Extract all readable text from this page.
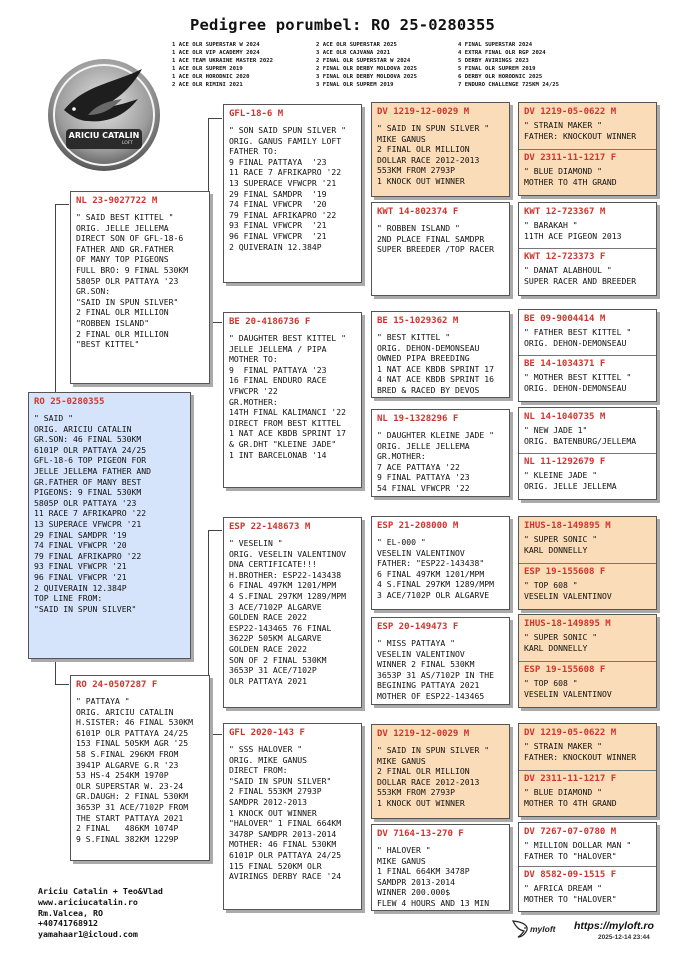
Pedigree porumbel: RO 25-0280355
1 ACE OLR SUPERSTAR W 2024
1 ACE OLR VIP ACADEMY 2024
1 ACE TEAM UKRAINE MASTER 2022
1 ACE OLR SUPREM 2019
1 ACE OLR HORODNIC 2020
2 ACE OLR RIMINI 2021
2 ACE OLR SUPERSTAR 2025
3 ACE OLR CAJVANA 2021
2 FINAL OLR SUPERSTAR W 2024
2 FINAL OLR DERBY MOLDOVA 2025
3 FINAL OLR DERBY MOLDOVA 2025
3 FINAL OLR SUPREM 2019
4 FINAL SUPERSTAR 2024
4 EXTRA FINAL OLR RGP 2024
5 DERBY AVIRINGS 2023
5 FINAL OLR SUPREM 2019
6 DERBY OLR HORODNIC 2025
7 ENDURO CHALLENGE 725KM 24/25
ARICIU CATALIN
LOFT
RO 25-0280355
" SAID "
ORIG. ARICIU CATALIN
GR.SON: 46 FINAL 530KM
6101P OLR PATTAYA 24/25
GFL-18-6 TOP PIGEON FOR
JELLE JELLEMA FATHER AND
GR.FATHER OF MANY BEST
PIGEONS: 9 FINAL 530KM
5805P OLR PATTAYA '23
11 RACE 7 AFRIKAPRO '22
13 SUPERACE VFWCPR '21
29 FINAL SAMDPR '19
74 FINAL VFWCPR '20
79 FINAL AFRIKAPRO '22
93 FINAL VFWCPR '21
96 FINAL VFWCPR '21
2 QUIVERAIN 12.384P
TOP LINE FROM:
"SAID IN SPUN SILVER"
NL 23-9027722 M
" SAID BEST KITTEL "
ORIG. JELLE JELLEMA
DIRECT SON OF GFL-18-6
FATHER AND GR.FATHER
OF MANY TOP PIGEONS
FULL BRO: 9 FINAL 530KM
5805P OLR PATTAYA '23
GR.SON:
"SAID IN SPUN SILVER"
2 FINAL OLR MILLION
"ROBBEN ISLAND"
2 FINAL OLR MILLION
"BEST KITTEL"
RO 24-0507287 F
" PATTAYA "
ORIG. ARICIU CATALIN
H.SISTER: 46 FINAL 530KM
6101P OLR PATTAYA 24/25
153 FINAL 505KM AGR '25
58 S.FINAL 296KM FROM
3941P ALGARVE G.R '23
53 HS-4 254KM 1970P
OLR SUPERSTAR W. 23-24
GR.DAUGH: 2 FINAL 530KM
3653P 31 ACE/7102P FROM
THE START PATTAYA 2021
2 FINAL   486KM 1074P
9 S.FINAL 382KM 1229P
GFL-18-6 M
" SON SAID SPUN SILVER "
ORIG. GANUS FAMILY LOFT
FATHER TO:
9 FINAL PATTAYA  '23
11 RACE 7 AFRIKAPRO '22
13 SUPERACE VFWCPR '21
29 FINAL SAMDPR  '19
74 FINAL VFWCPR  '20
79 FINAL AFRIKAPRO '22
93 FINAL VFWCPR  '21
96 FINAL VFWCPR  '21
2 QUIVERAIN 12.384P
BE 20-4186736 F
" DAUGHTER BEST KITTEL "
JELLE JELLEMA / PIPA
MOTHER TO:
9  FINAL PATTAYA '23
16 FINAL ENDURO RACE
VFWCPR '22
GR.MOTHER:
14TH FINAL KALIMANCI '22
DIRECT FROM BEST KITTEL
1 NAT ACE KBDB SPRINT 17
& GR.DHT "KLEINE JADE"
1 INT BARCELONAB '14
ESP 22-148673 M
" VESELIN "
ORIG. VESELIN VALENTINOV
DNA CERTIFICATE!!!
H.BROTHER: ESP22-143438
6 FINAL 497KM 1201/MPM
4 S.FINAL 297KM 1289/MPM
3 ACE/7102P ALGARVE
GOLDEN RACE 2022
ESP22-143465 76 FINAL
3622P 505KM ALGARVE
GOLDEN RACE 2022
SON OF 2 FINAL 530KM
3653P 31 ACE/7102P
OLR PATTAYA 2021
GFL 2020-143 F
" SSS HALOVER "
ORIG. MIKE GANUS
DIRECT FROM:
"SAID IN SPUN SILVER"
2 FINAL 553KM 2793P
SAMDPR 2012-2013
1 KNOCK OUT WINNER
"HALOVER" 1 FINAL 664KM
3478P SAMDPR 2013-2014
MOTHER: 46 FINAL 530KM
6101P OLR PATTAYA 24/25
115 FINAL 520KM OLR
AVIRINGS DERBY RACE '24
DV 1219-12-0029 M
" SAID IN SPUN SILVER "
MIKE GANUS
2 FINAL OLR MILLION
DOLLAR RACE 2012-2013
553KM FROM 2793P
1 KNOCK OUT WINNER
KWT 14-802374 F
" ROBBEN ISLAND "
2ND PLACE FINAL SAMDPR
SUPER BREEDER /TOP RACER
BE 15-1029362 M
" BEST KITTEL "
ORIG. DEHON-DEMONSEAU
OWNED PIPA BREEDING
1 NAT ACE KBDB SPRINT 17
4 NAT ACE KBDB SPRINT 16
BRED & RACED BY DEVOS
NL 19-1328296 F
" DAUGHTER KLEINE JADE "
ORIG. JELLE JELLEMA
GR.MOTHER:
7 ACE PATTAYA '22
9 FINAL PATTAYA '23
54 FINAL VFWCPR '22
ESP 21-208000 M
" EL-000 "
VESELIN VALENTINOV
FATHER: "ESP22-143438"
6 FINAL 497KM 1201/MPM
4 S.FINAL 297KM 1289/MPM
3 ACE/7102P OLR ALGARVE
ESP 20-149473 F
" MISS PATTAYA "
VESELIN VALENTINOV
WINNER 2 FINAL 530KM
3653P 31 AS/7102P IN THE
BEGINING PATTAYA 2021
MOTHER OF ESP22-143465
DV 1219-12-0029 M
" SAID IN SPUN SILVER "
MIKE GANUS
2 FINAL OLR MILLION
DOLLAR RACE 2012-2013
553KM FROM 2793P
1 KNOCK OUT WINNER
DV 7164-13-270 F
" HALOVER "
MIKE GANUS
1 FINAL 664KM 3478P
SAMDPR 2013-2014
WINNER 200.000$
FLEW 4 HOURS AND 13 MIN
DV 1219-05-0622 M
" STRAIN MAKER "
FATHER: KNOCKOUT WINNER
DV 2311-11-1217 F
" BLUE DIAMOND "
MOTHER TO 4TH GRAND
KWT 12-723367 M
" BARAKAH "
11TH ACE PIGEON 2013
KWT 12-723373 F
" DANAT ALABHOUL "
SUPER RACER AND BREEDER
BE 09-9004414 M
" FATHER BEST KITTEL "
ORIG. DEHON-DEMONSEAU
BE 14-1034371 F
" MOTHER BEST KITTEL "
ORIG. DEHON-DEMONSEAU
NL 14-1040735 M
" NEW JADE 1"
ORIG. BATENBURG/JELLEMA
NL 11-1292679 F
" KLEINE JADE "
ORIG. JELLE JELLEMA
IHUS-18-149895 M
" SUPER SONIC "
KARL DONNELLY
ESP 19-155608 F
" TOP 608 "
VESELIN VALENTINOV
IHUS-18-149895 M
" SUPER SONIC "
KARL DONNELLY
ESP 19-155608 F
" TOP 608 "
VESELIN VALENTINOV
DV 1219-05-0622 M
" STRAIN MAKER "
FATHER: KNOCKOUT WINNER
DV 2311-11-1217 F
" BLUE DIAMOND "
MOTHER TO 4TH GRAND
DV 7267-07-0780 M
" MILLION DOLLAR MAN "
FATHER TO "HALOVER"
DV 8582-09-1515 F
" AFRICA DREAM "
MOTHER TO "HALOVER"
Ariciu Catalin + Teo&Vlad
www.ariciucatalin.ro
Rm.Valcea, RO
+40741768912
yamahaar1@icloud.com
myloft https://myloft.ro
2025-12-14 23:44
